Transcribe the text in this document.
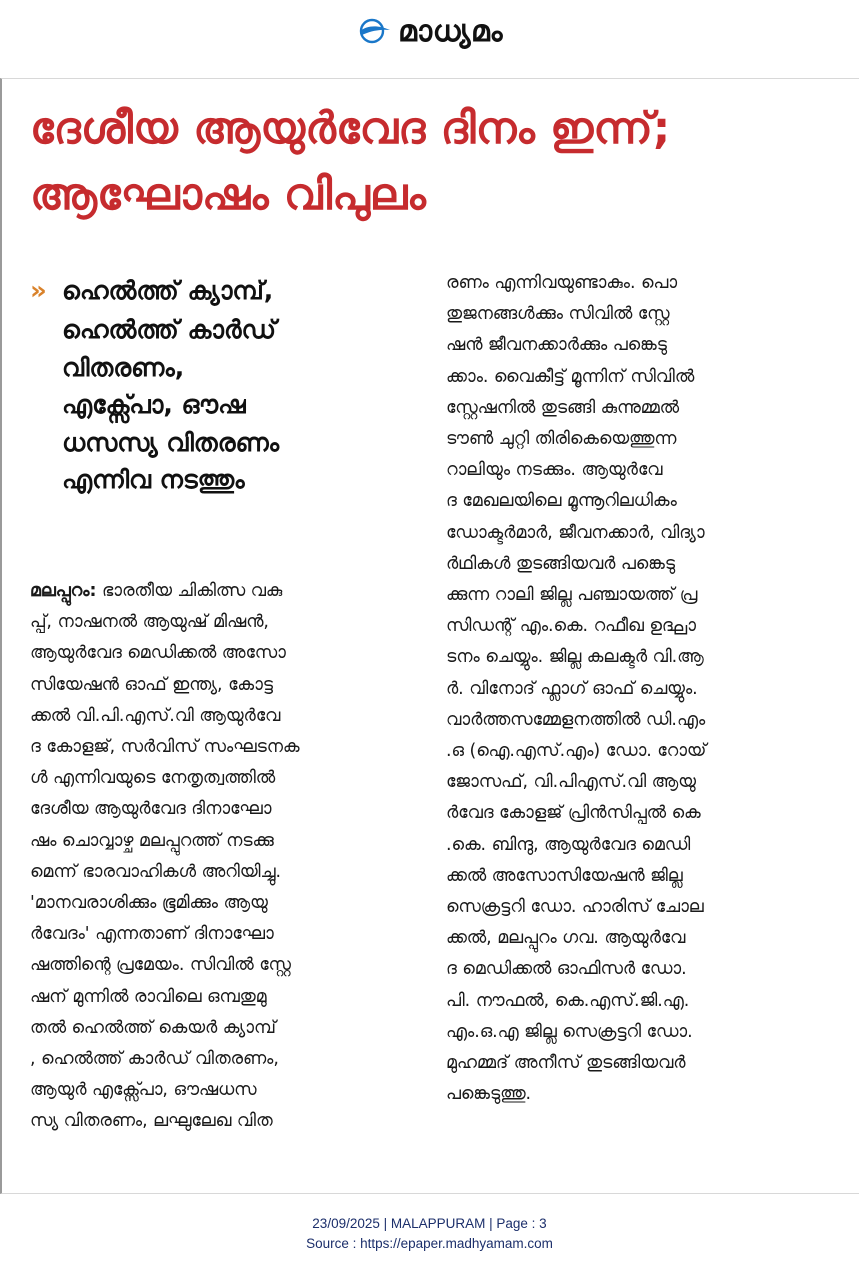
മാധ്യമം
ദേശീയ ആയുർവേദ ദിനം ഇന്ന്;
ആഘോഷം വിപുലം
» ഹെൽത്ത് ക്യാമ്പ്,
ഹെൽത്ത് കാർഡ്
വിതരണം,
എക്സ്പോ, ഔഷ
ധസസ്യ വിതരണം
എന്നിവ നടത്തും
മലപ്പുറം: ഭാരതീയ ചികിത്സ വകു
പ്പ്, നാഷനൽ ആയുഷ് മിഷൻ,
ആയുർവേദ മെഡിക്കൽ അസോ
സിയേഷൻ ഓഫ് ഇന്ത്യ, കോട്ട
ക്കൽ വി.പി.എസ്.വി ആയുർവേ
ദ കോളജ്, സർവിസ് സംഘടനക
ൾ എന്നിവയുടെ നേതൃത്വത്തിൽ
ദേശീയ ആയുർവേദ ദിനാഘോ
ഷം ചൊവ്വാഴ്ച മലപ്പുറത്ത് നടക്കു
മെന്ന് ഭാരവാഹികൾ അറിയിച്ചു.
'മാനവരാശിക്കും ഭൂമിക്കും ആയു
ർവേദം' എന്നതാണ് ദിനാഘോ
ഷത്തിന്റെ പ്രമേയം. സിവിൽ സ്റ്റേ
ഷന് മുന്നിൽ രാവിലെ ഒമ്പതുമു
തൽ ഹെൽത്ത് കെയർ ക്യാമ്പ്
, ഹെൽത്ത് കാർഡ് വിതരണം,
ആയുർ എക്സ്പോ, ഔഷധസ
സ്യ വിതരണം, ലഘുലേഖ വിത
രണം എന്നിവയുണ്ടാകും. പൊ
തുജനങ്ങൾക്കും സിവിൽ സ്റ്റേ
ഷൻ ജീവനക്കാർക്കും പങ്കെടു
ക്കാം. വൈകീട്ട് മൂന്നിന് സിവിൽ
സ്റ്റേഷനിൽ തുടങ്ങി കുന്നുമ്മൽ
ടൗൺ ചുറ്റി തിരികെയെത്തുന്ന
റാലിയും നടക്കും. ആയുർവേ
ദ മേഖലയിലെ മൂന്നൂറിലധികം
ഡോക്ടർമാർ, ജീവനക്കാർ, വിദ്യാ
ർഥികൾ തുടങ്ങിയവർ പങ്കെടു
ക്കുന്ന റാലി ജില്ല പഞ്ചായത്ത് പ്ര
സിഡന്റ് എം.കെ. റഫീഖ ഉദ്ഘാ
ടനം ചെയ്യും. ജില്ല കലക്ടർ വി.ആ
ർ. വിനോദ് ഫ്ലാഗ് ഓഫ് ചെയ്യും.
വാർത്തസമ്മേളനത്തിൽ ഡി.എം
.ഒ (ഐ.എസ്.എം) ഡോ. റോയ്
ജോസഫ്, വി.പിഎസ്.വി ആയു
ർവേദ കോളജ് പ്രിൻസിപ്പൽ കെ
.കെ. ബിന്ദു, ആയുർവേദ മെഡി
ക്കൽ അസോസിയേഷൻ ജില്ല
സെക്രട്ടറി ഡോ. ഹാരിസ് ചോല
ക്കൽ, മലപ്പുറം ഗവ. ആയുർവേ
ദ മെഡിക്കൽ ഓഫിസർ ഡോ.
പി. നൗഫൽ, കെ.എസ്.ജി.എ.
എം.ഒ.എ ജില്ല സെക്രട്ടറി ഡോ.
മുഹമ്മദ് അനീസ് തുടങ്ങിയവർ
പങ്കെടുത്തു.
23/09/2025 | MALAPPURAM | Page : 3
Source : https://epaper.madhyamam.com
